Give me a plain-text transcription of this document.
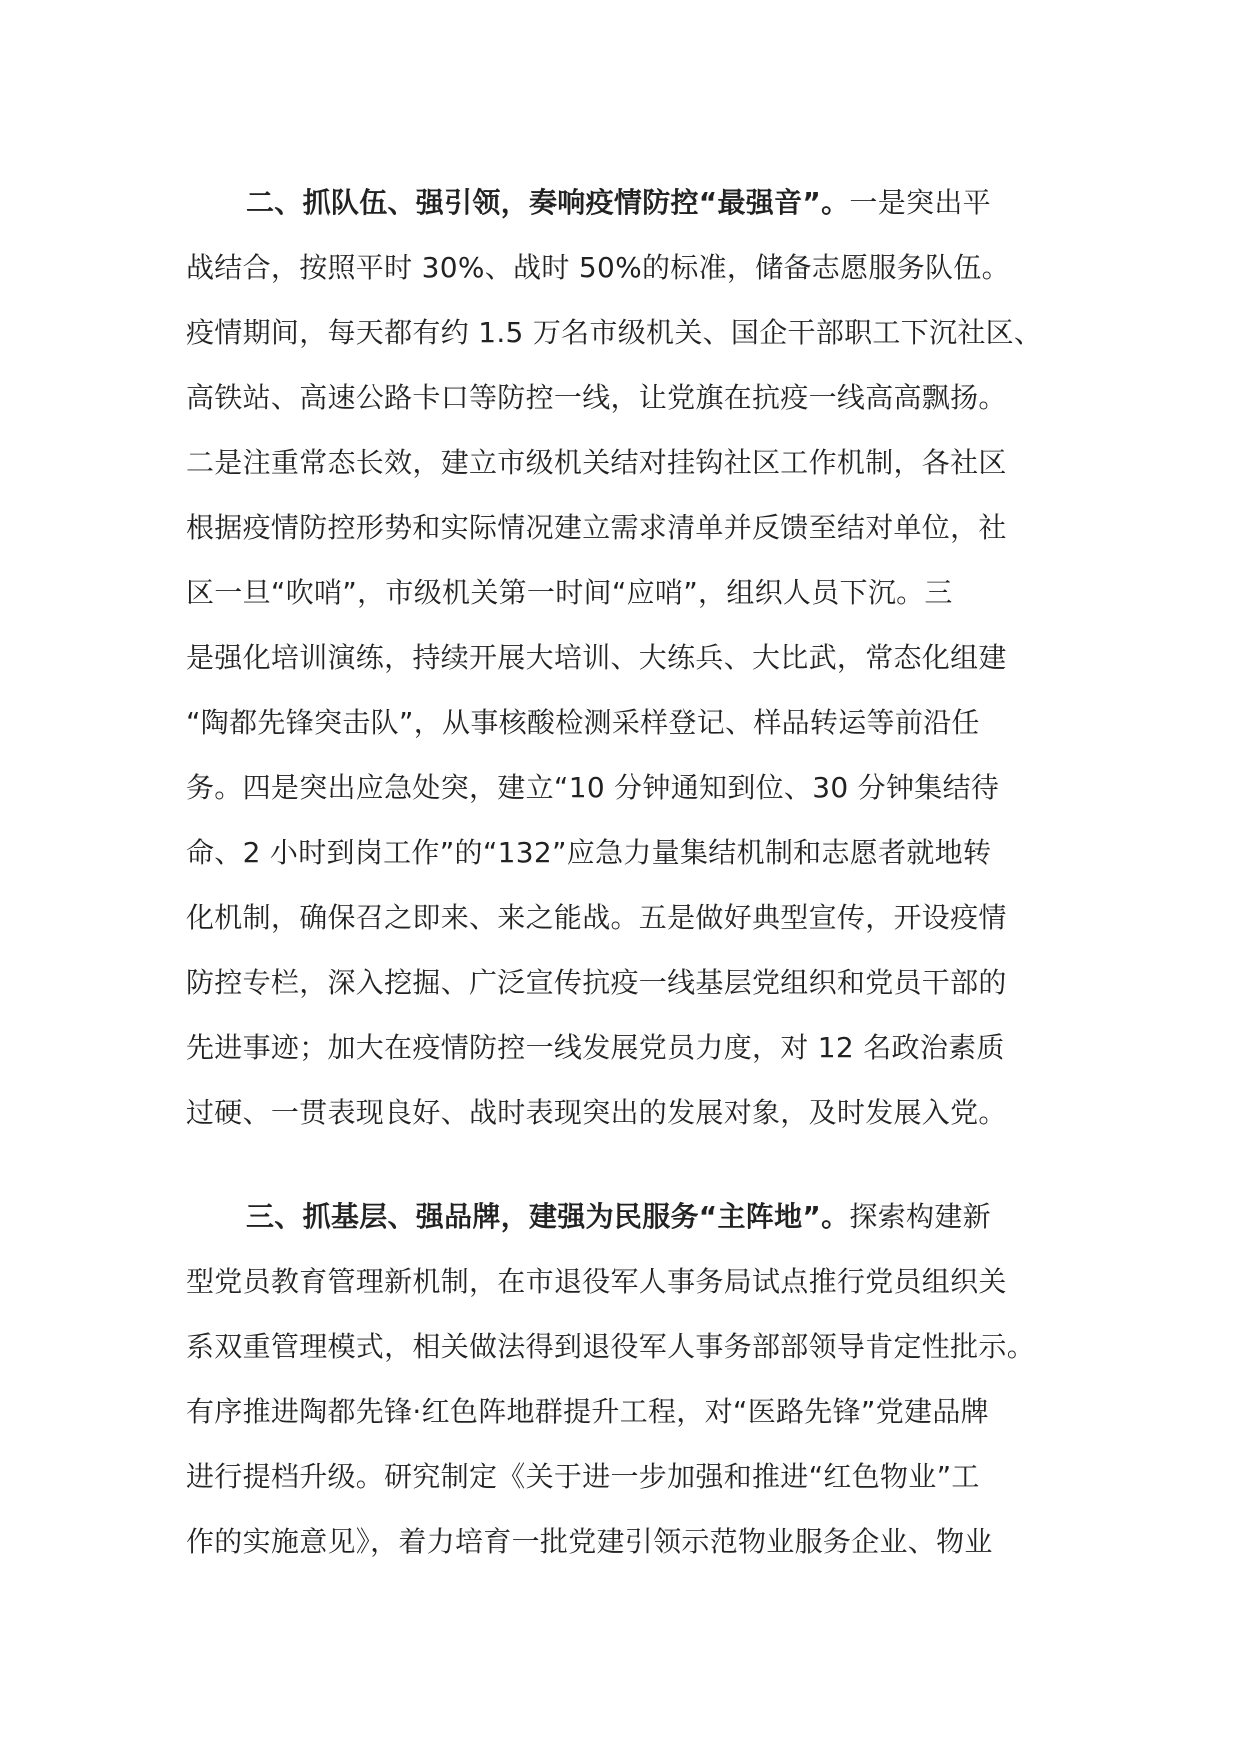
二、抓队伍、强引领，奏响疫情防控“最强音”。一是突出平
战结合，按照平时 30%、战时 50%的标准，储备志愿服务队伍。
疫情期间，每天都有约 1.5 万名市级机关、国企干部职工下沉社区、
高铁站、高速公路卡口等防控一线，让党旗在抗疫一线高高飘扬。
二是注重常态长效，建立市级机关结对挂钩社区工作机制，各社区
根据疫情防控形势和实际情况建立需求清单并反馈至结对单位，社
区一旦“吹哨”，市级机关第一时间“应哨”，组织人员下沉。三
是强化培训演练，持续开展大培训、大练兵、大比武，常态化组建
“陶都先锋突击队”，从事核酸检测采样登记、样品转运等前沿任
务。四是突出应急处突，建立“10 分钟通知到位、30 分钟集结待
命、2 小时到岗工作”的“132”应急力量集结机制和志愿者就地转
化机制，确保召之即来、来之能战。五是做好典型宣传，开设疫情
防控专栏，深入挖掘、广泛宣传抗疫一线基层党组织和党员干部的
先进事迹；加大在疫情防控一线发展党员力度，对 12 名政治素质
过硬、一贯表现良好、战时表现突出的发展对象，及时发展入党。
三、抓基层、强品牌，建强为民服务“主阵地”。探索构建新
型党员教育管理新机制，在市退役军人事务局试点推行党员组织关
系双重管理模式，相关做法得到退役军人事务部部领导肯定性批示。
有序推进陶都先锋·红色阵地群提升工程，对“医路先锋”党建品牌
进行提档升级。研究制定《关于进一步加强和推进“红色物业”工
作的实施意见》，着力培育一批党建引领示范物业服务企业、物业
